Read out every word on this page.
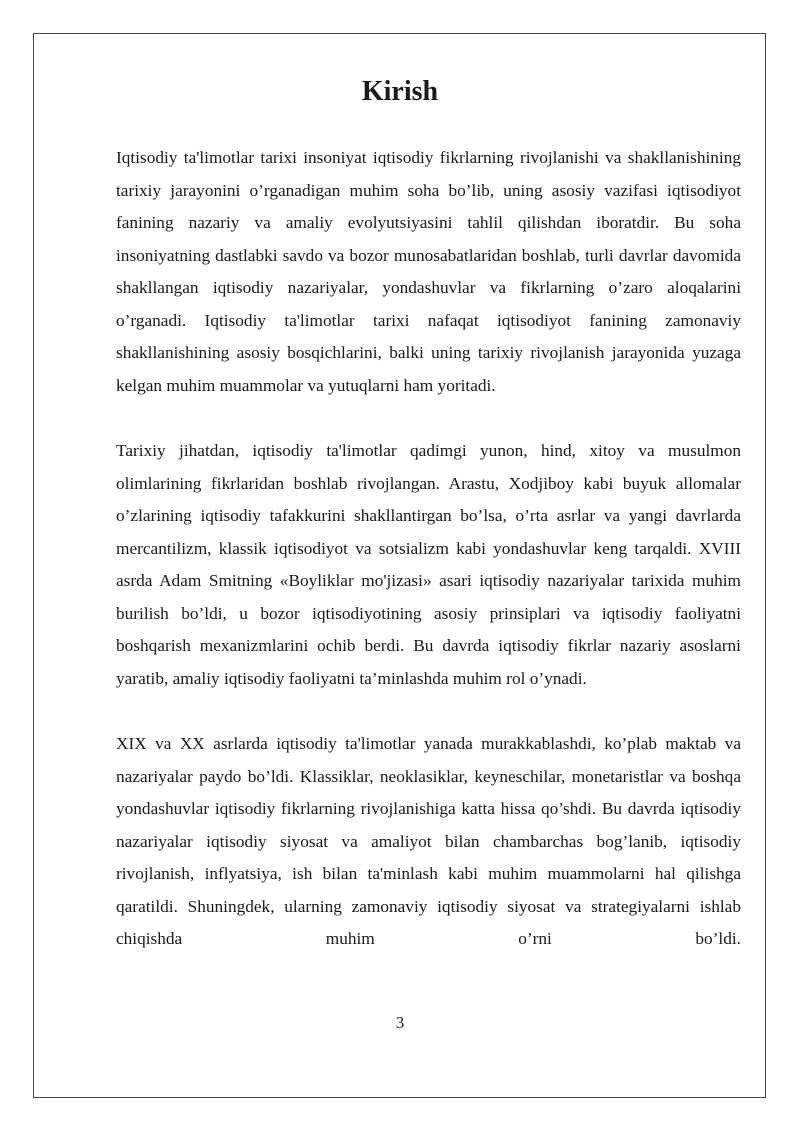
Kirish

Iqtisodiy ta'limotlar tarixi insoniyat iqtisodiy fikrlarning rivojlanishi va shakllanishining tarixiy jarayonini o’rganadigan muhim soha bo’lib, uning asosiy vazifasi iqtisodiyot fanining nazariy va amaliy evolyutsiyasini tahlil qilishdan iboratdir. Bu soha insoniyatning dastlabki savdo va bozor munosabatlaridan boshlab, turli davrlar davomida shakllangan iqtisodiy nazariyalar, yondashuvlar va fikrlarning o’zaro aloqalarini o’rganadi. Iqtisodiy ta'limotlar tarixi nafaqat iqtisodiyot fanining zamonaviy shakllanishining asosiy bosqichlarini, balki uning tarixiy rivojlanish jarayonida yuzaga kelgan muhim muammolar va yutuqlarni ham yoritadi.

Tarixiy jihatdan, iqtisodiy ta'limotlar qadimgi yunon, hind, xitoy va musulmon olimlarining fikrlaridan boshlab rivojlangan. Arastu, Xodjiboy kabi buyuk allomalar o’zlarining iqtisodiy tafakkurini shakllantirgan bo’lsa, o’rta asrlar va yangi davrlarda mercantilizm, klassik iqtisodiyot va sotsializm kabi yondashuvlar keng tarqaldi. XVIII asrda Adam Smitning «Boyliklar mo'jizasi» asari iqtisodiy nazariyalar tarixida muhim burilish bo’ldi, u bozor iqtisodiyotining asosiy prinsiplari va iqtisodiy faoliyatni boshqarish mexanizmlarini ochib berdi. Bu davrda iqtisodiy fikrlar nazariy asoslarni yaratib, amaliy iqtisodiy faoliyatni ta’minlashda muhim rol o’ynadi.

XIX va XX asrlarda iqtisodiy ta'limotlar yanada murakkablashdi, ko’plab maktab va nazariyalar paydo bo’ldi. Klassiklar, neoklasiklar, keyneschilar, monetaristlar va boshqa yondashuvlar iqtisodiy fikrlarning rivojlanishiga katta hissa qo’shdi. Bu davrda iqtisodiy nazariyalar iqtisodiy siyosat va amaliyot bilan chambarchas bog’lanib, iqtisodiy rivojlanish, inflyatsiya, ish bilan ta'minlash kabi muhim muammolarni hal qilishga qaratildi. Shuningdek, ularning zamonaviy iqtisodiy siyosat va strategiyalarni ishlab chiqishda muhim o’rni bo’ldi.

3
